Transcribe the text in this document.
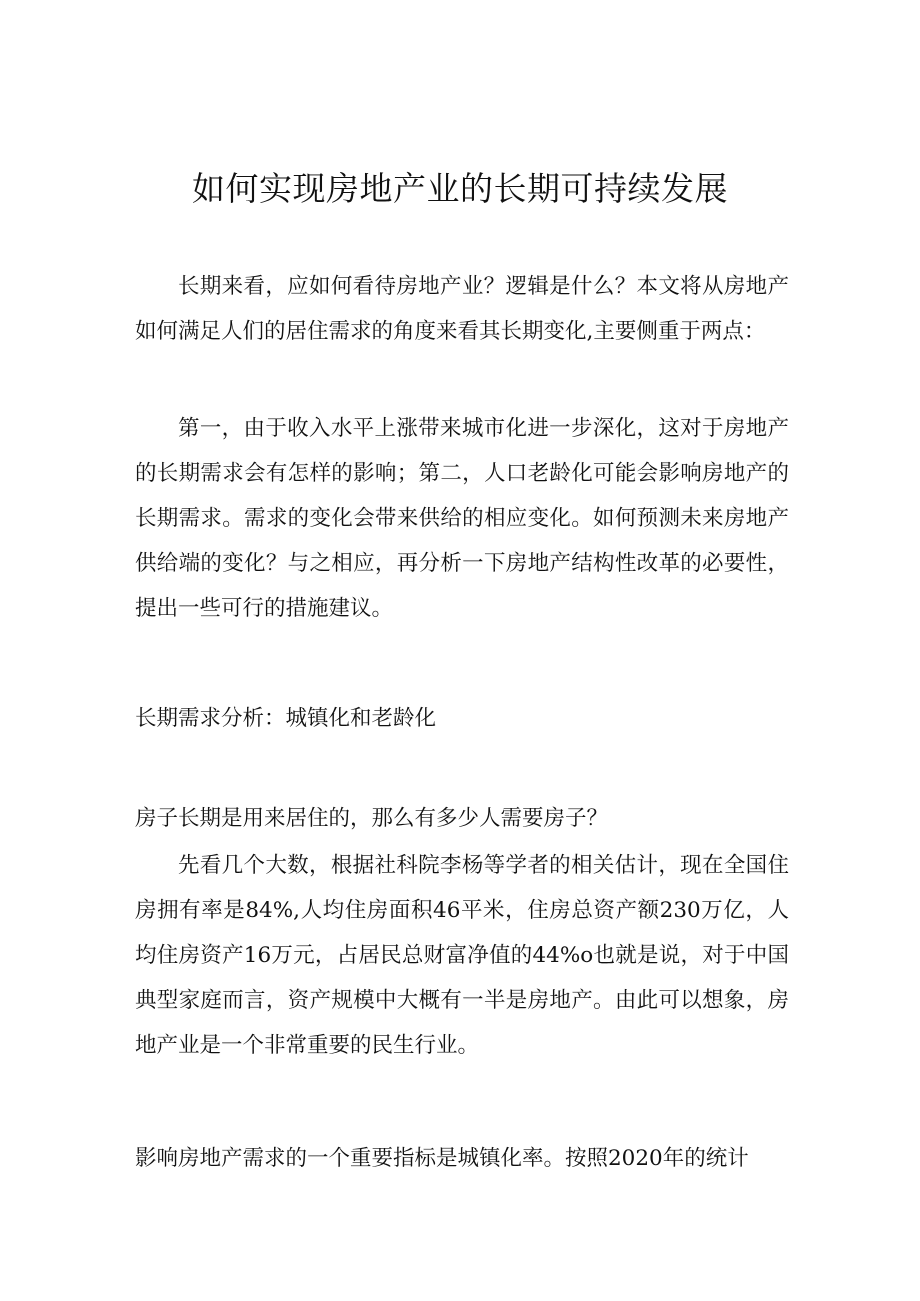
如何实现房地产业的长期可持续发展

长期来看，应如何看待房地产业？逻辑是什么？本文将从房地产如何满足人们的居住需求的角度来看其长期变化,主要侧重于两点：

第一，由于收入水平上涨带来城市化进一步深化，这对于房地产的长期需求会有怎样的影响；第二，人口老龄化可能会影响房地产的长期需求。需求的变化会带来供给的相应变化。如何预测未来房地产供给端的变化？与之相应，再分析一下房地产结构性改革的必要性，提出一些可行的措施建议。

长期需求分析：城镇化和老龄化

房子长期是用来居住的，那么有多少人需要房子？

先看几个大数，根据社科院李杨等学者的相关估计，现在全国住房拥有率是84%,人均住房面积46平米，住房总资产额230万亿，人均住房资产16万元，占居民总财富净值的44%o也就是说，对于中国典型家庭而言，资产规模中大概有一半是房地产。由此可以想象，房地产业是一个非常重要的民生行业。

影响房地产需求的一个重要指标是城镇化率。按照2020年的统计
